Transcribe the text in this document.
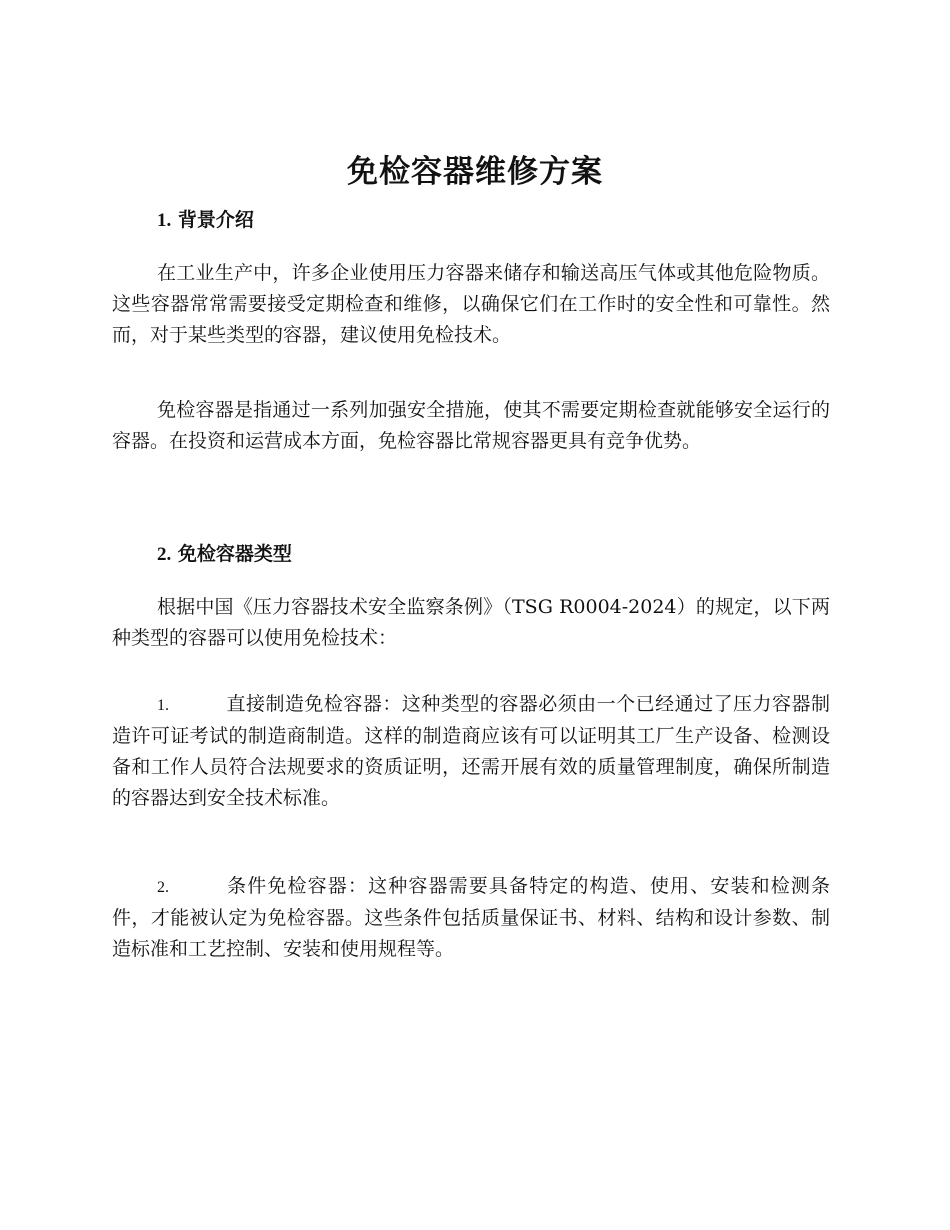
免检容器维修方案
1. 背景介绍

在工业生产中，许多企业使用压力容器来储存和输送高压气体或其他危险物质。这些容器常常需要接受定期检查和维修，以确保它们在工作时的安全性和可靠性。然而，对于某些类型的容器，建议使用免检技术。

免检容器是指通过一系列加强安全措施，使其不需要定期检查就能够安全运行的容器。在投资和运营成本方面，免检容器比常规容器更具有竞争优势。

2. 免检容器类型

根据中国《压力容器技术安全监察条例》（TSG R0004-2024）的规定，以下两种类型的容器可以使用免检技术：

1.	直接制造免检容器：这种类型的容器必须由一个已经通过了压力容器制造许可证考试的制造商制造。这样的制造商应该有可以证明其工厂生产设备、检测设备和工作人员符合法规要求的资质证明，还需开展有效的质量管理制度，确保所制造的容器达到安全技术标准。

2.	条件免检容器：这种容器需要具备特定的构造、使用、安装和检测条件，才能被认定为免检容器。这些条件包括质量保证书、材料、结构和设计参数、制造标准和工艺控制、安装和使用规程等。
